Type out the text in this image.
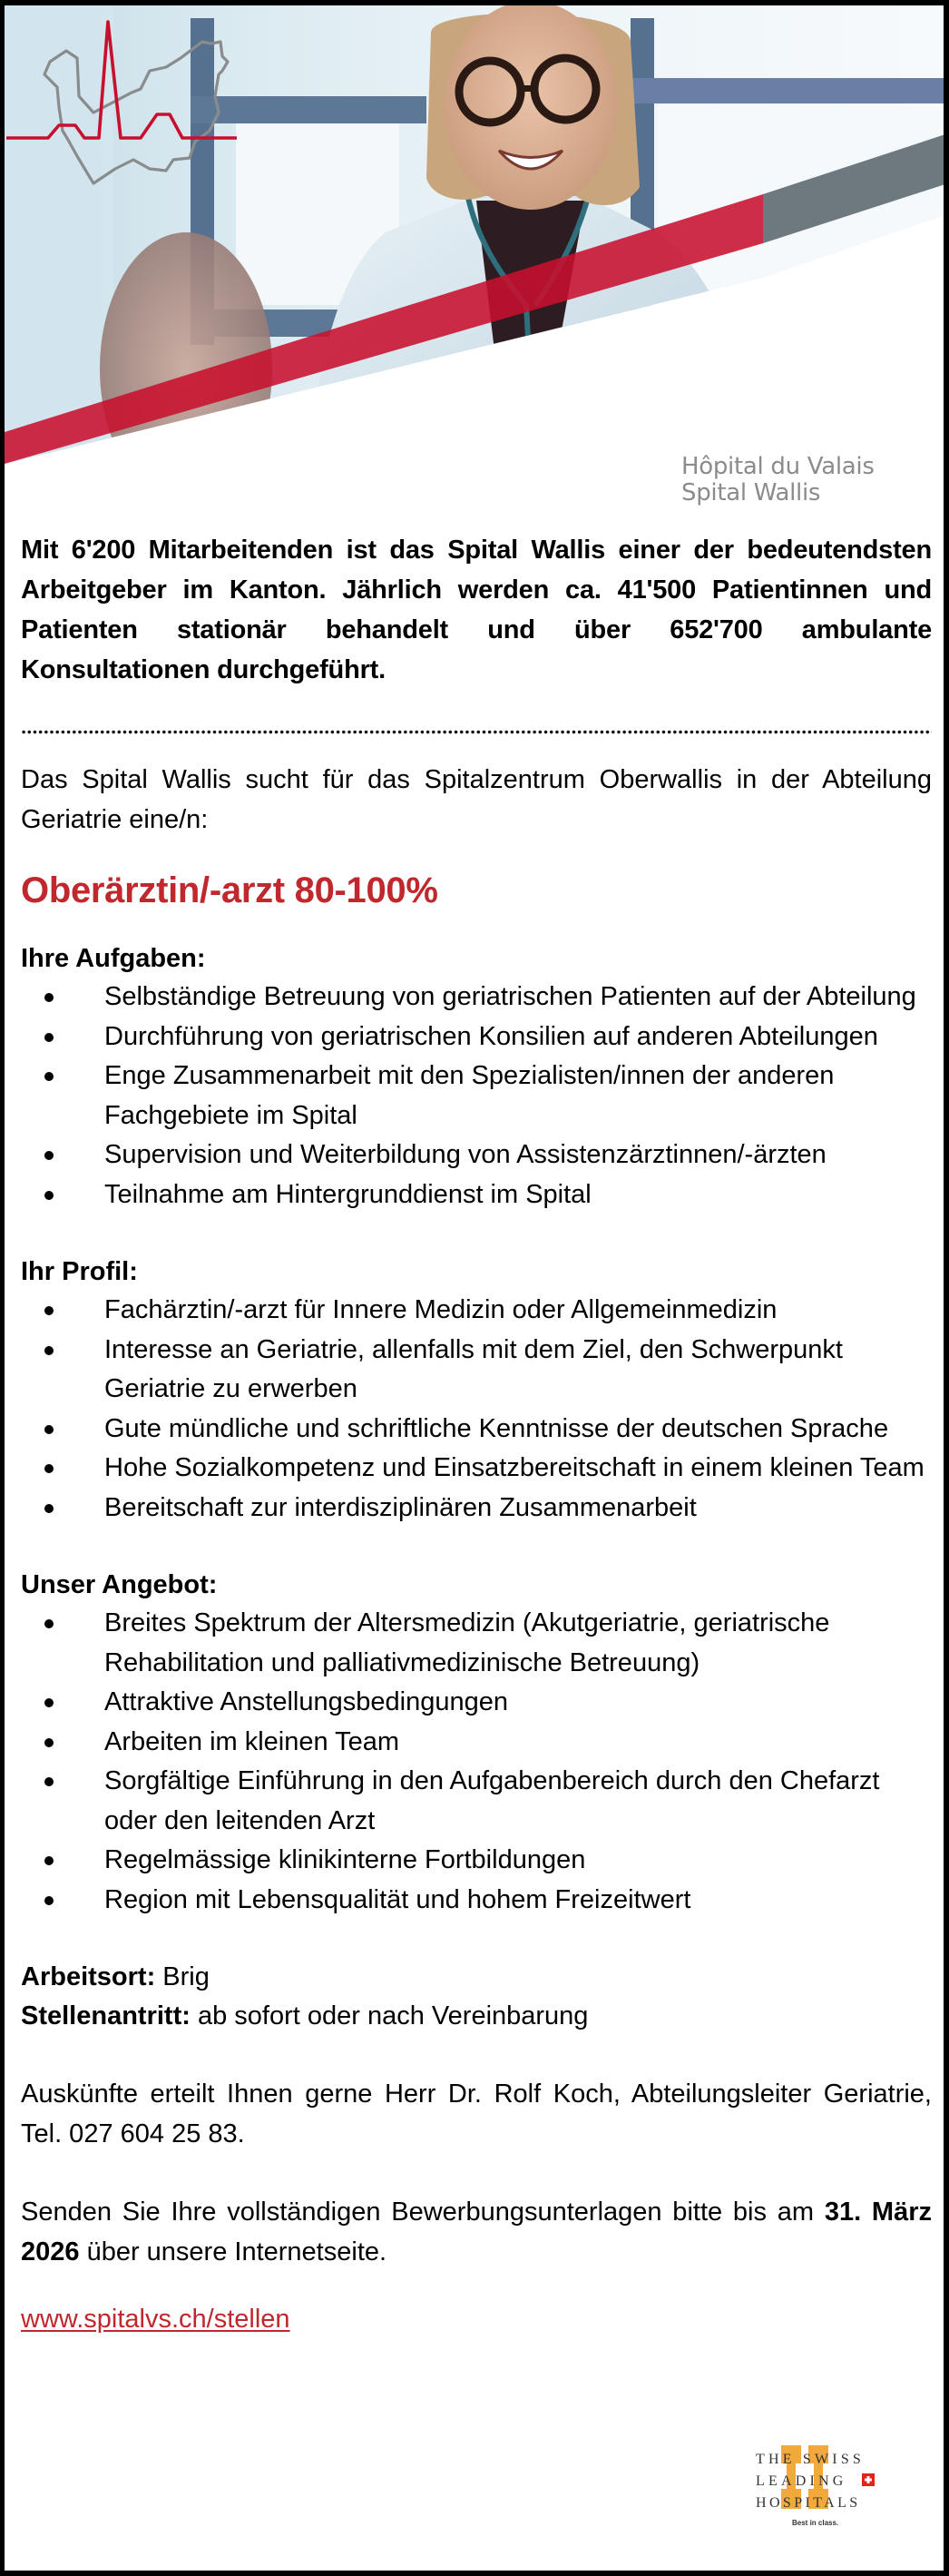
Hôpital du Valais
Spital Wallis

Mit 6'200 Mitarbeitenden ist das Spital Wallis einer der bedeutendsten Arbeitgeber im Kanton. Jährlich werden ca. 41'500 Patientinnen und Patienten stationär behandelt und über 652'700 ambulante Konsultationen durchgeführt.

Das Spital Wallis sucht für das Spitalzentrum Oberwallis in der Abteilung Geriatrie eine/n:

Oberärztin/-arzt 80-100%
Ihre Aufgaben:
Selbständige Betreuung von geriatrischen Patienten auf der Abteilung
Durchführung von geriatrischen Konsilien auf anderen Abteilungen
Enge Zusammenarbeit mit den Spezialisten/innen der anderen Fachgebiete im Spital
Supervision und Weiterbildung von Assistenzärztinnen/-ärzten
Teilnahme am Hintergrunddienst im Spital
Ihr Profil:
Fachärztin/-arzt für Innere Medizin oder Allgemeinmedizin
Interesse an Geriatrie, allenfalls mit dem Ziel, den Schwerpunkt Geriatrie zu erwerben
Gute mündliche und schriftliche Kenntnisse der deutschen Sprache
Hohe Sozialkompetenz und Einsatzbereitschaft in einem kleinen Team
Bereitschaft zur interdisziplinären Zusammenarbeit
Unser Angebot:
Breites Spektrum der Altersmedizin (Akutgeriatrie, geriatrische Rehabilitation und palliativmedizinische Betreuung)
Attraktive Anstellungsbedingungen
Arbeiten im kleinen Team
Sorgfältige Einführung in den Aufgabenbereich durch den Chefarzt oder den leitenden Arzt
Regelmässige klinikinterne Fortbildungen
Region mit Lebensqualität und hohem Freizeitwert
Arbeitsort: Brig
Stellenantritt: ab sofort oder nach Vereinbarung

Auskünfte erteilt Ihnen gerne Herr Dr. Rolf Koch, Abteilungsleiter Geriatrie, Tel. 027 604 25 83.

Senden Sie Ihre vollständigen Bewerbungsunterlagen bitte bis am 31. März 2026 über unsere Internetseite.

www.spitalvs.ch/stellen
THE SWISS
LEADING
HOSPITALS
Best in class.
